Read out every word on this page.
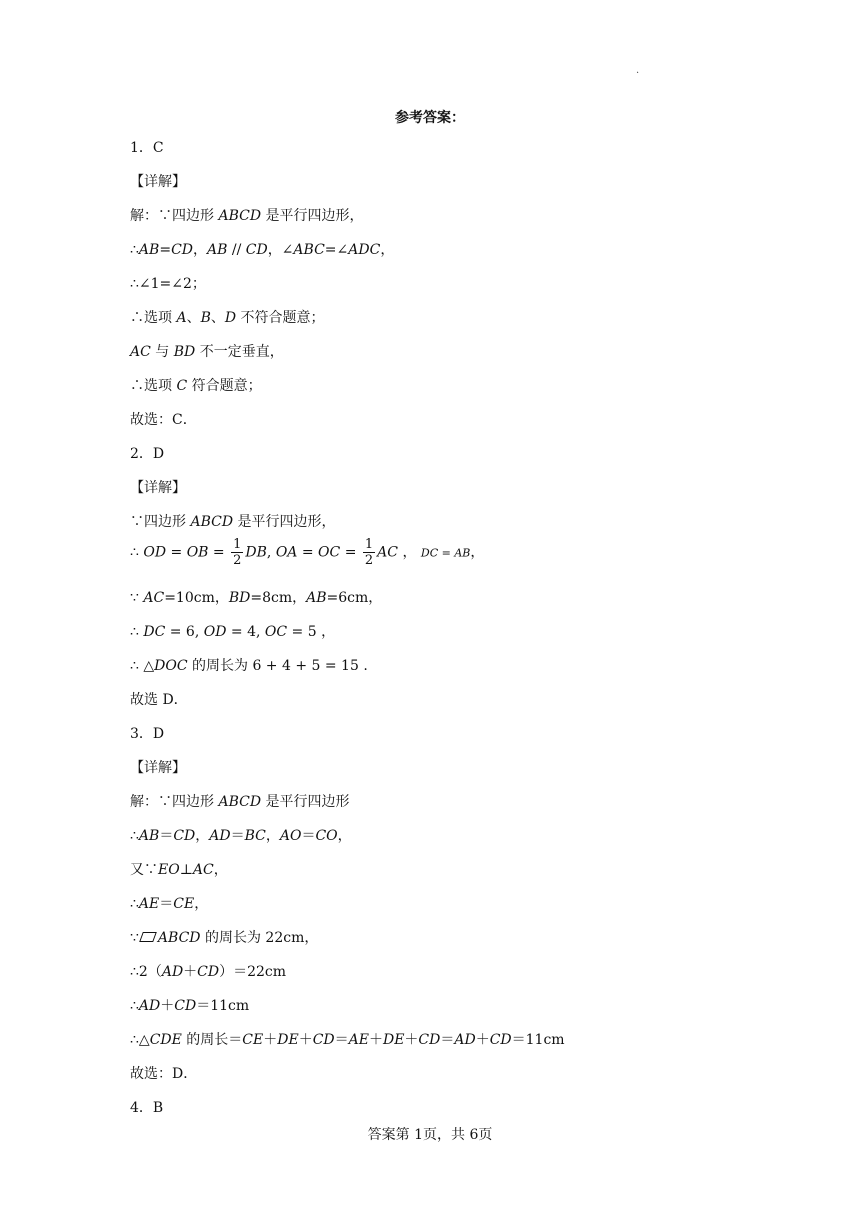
·
参考答案：
1．C
【详解】
解：∵四边形 ABCD 是平行四边形，
∴AB=CD，AB // CD，∠ABC=∠ADC，
∴∠1=∠2；
∴选项 A、B、D 不符合题意；
AC 与 BD 不一定垂直，
∴选项 C 符合题意；
故选：C．
2．D
【详解】
∵四边形 ABCD 是平行四边形，
∴ OD = OB = $\frac{1}{2}$ DB, OA = OC = $\frac{1}{2}$ AC ， DC = AB，
∵ AC=10cm，BD=8cm，AB=6cm，
∴ DC = 6, OD = 4, OC = 5 ，
∴ △DOC 的周长为 6 + 4 + 5 = 15 .
故选 D．
3．D
【详解】
解：∵四边形 ABCD 是平行四边形
∴AB＝CD，AD＝BC，AO＝CO，
又∵EO⊥AC，
∴AE＝CE，
∵ ABCD 的周长为 22cm，
∴2（AD＋CD）＝22cm
∴AD＋CD＝11cm
∴△CDE 的周长＝CE＋DE＋CD＝AE＋DE＋CD＝AD＋CD＝11cm
故选：D．
4．B
答案第 1页，共 6页
